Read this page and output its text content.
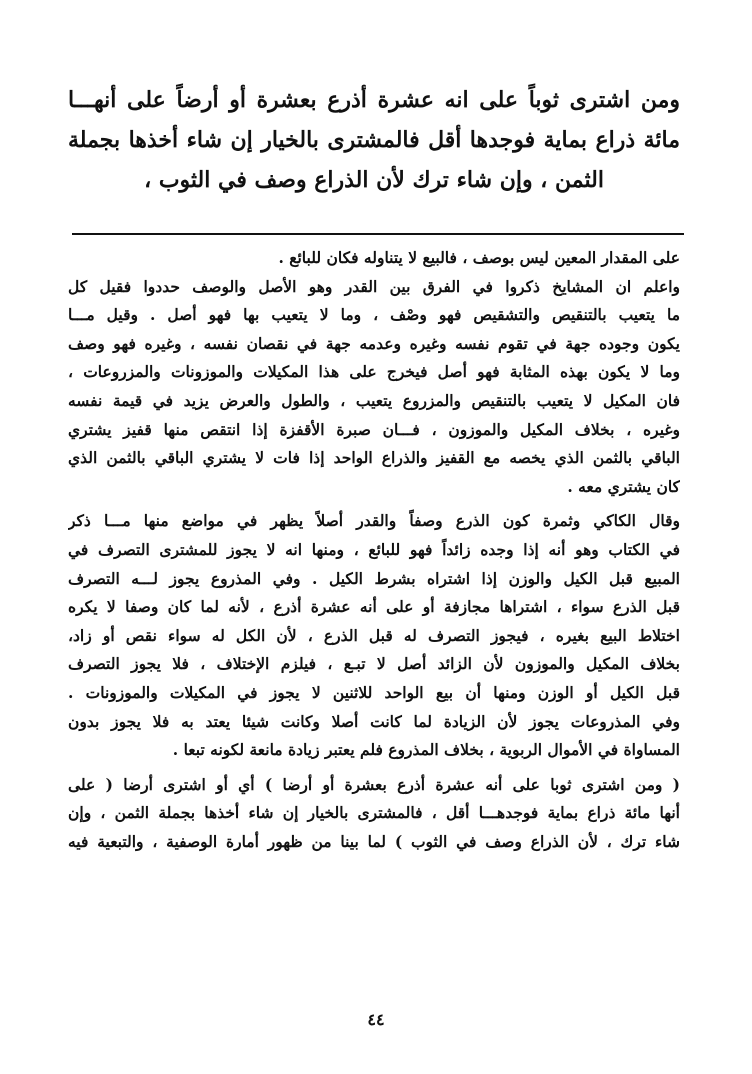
ومن اشترى ثوباً على انه عشرة أذرع بعشرة أو أرضاً على أنهـــا
مائة ذراع بماية فوجدها أقل فالمشترى بالخيار إن شاء أخذها بجملة
الثمن ، وإن شاء ترك لأن الذراع وصف في الثوب ،
على المقدار المعين ليس بوصف ، فالبيع لا يتناوله فكان للبائع .
واعلم ان المشايخ ذكروا في الفرق بين القدر وهو الأصل والوصف حددوا فقيل كل
ما يتعيب بالتنقيص والتشقيص فهو وصْف ، وما لا يتعيب بها فهو أصل . وقيل مـــا
يكون وجوده جهة في تقوم نفسه وغيره وعدمه جهة في نقصان نفسه ، وغيره فهو وصف
وما لا يكون بهذه المثابة فهو أصل فيخرج على هذا المكيلات والموزونات والمزروعات ،
فان المكيل لا يتعيب بالتنقيص والمزروع يتعيب ، والطول والعرض يزيد في قيمة نفسه
وغيره ، بخلاف المكيل والموزون ، فـــان صبرة الأقفزة إذا انتقص منها قفيز يشتري
الباقي بالثمن الذي يخصه مع القفيز والذراع الواحد إذا فات لا يشتري الباقي بالثمن الذي
كان يشتري معه .
وقال الكاكي وثمرة كون الذرع وصفاً والقدر أصلاً يظهر في مواضع منها مـــا ذكر
في الكتاب وهو أنه إذا وجده زائداً فهو للبائع ، ومنها انه لا يجوز للمشترى التصرف في
المبيع قبل الكيل والوزن إذا اشتراه بشرط الكيل . وفي المذروع يجوز لـــه التصرف
قبل الذرع سواء ، اشتراها مجازفة أو على أنه عشرة أذرع ، لأنه لما كان وصفا لا يكره
اختلاط البيع بغيره ، فيجوز التصرف له قبل الذرع ، لأن الكل له سواء نقص أو زاد،
بخلاف المكيل والموزون لأن الزائد أصل لا تبـع ، فيلزم الإختلاف ، فلا يجوز التصرف
قبل الكيل أو الوزن ومنها أن بيع الواحد للاثنين لا يجوز في المكيلات والموزونات .
وفي المذروعات يجوز لأن الزيادة لما كانت أصلا وكانت شيئا يعتد به فلا يجوز بدون
المساواة في الأموال الربوية ، بخلاف المذروع فلم يعتبر زيادة مانعة لكونه تبعا .
( ومن اشترى ثوبا على أنه عشرة أذرع بعشرة أو أرضا ) أي أو اشترى أرضا ( على
أنها مائة ذراع بماية فوجدهـــا أقل ، فالمشترى بالخيار إن شاء أخذها بجملة الثمن ، وإن
شاء ترك ، لأن الذراع وصف في الثوب ) لما بينا من ظهور أمارة الوصفية ، والتبعية فيه
٤٤
